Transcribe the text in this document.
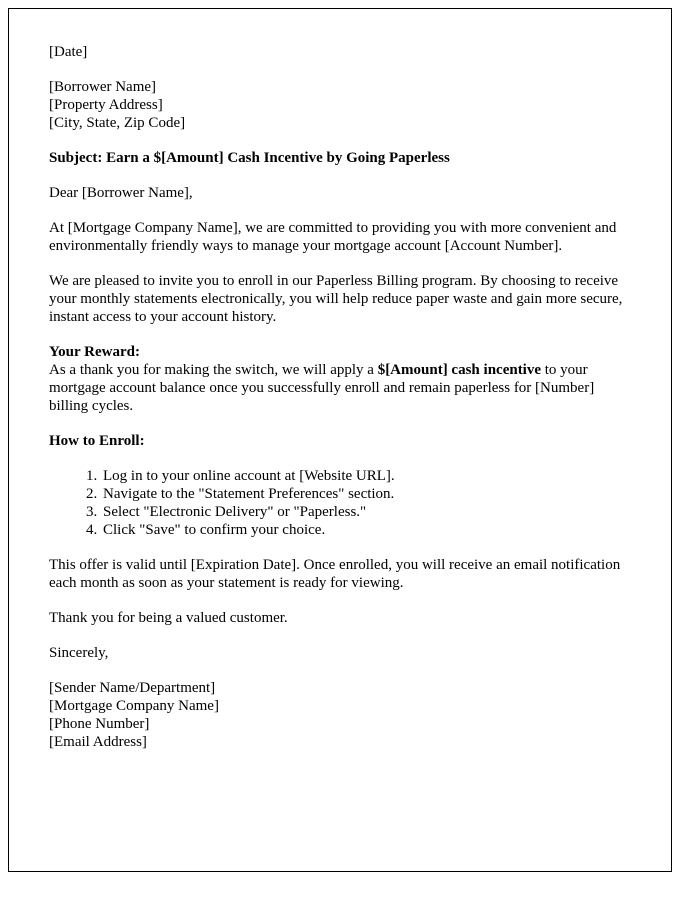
[Date]

[Borrower Name]
[Property Address]
[City, State, Zip Code]

Subject: Earn a $[Amount] Cash Incentive by Going Paperless

Dear [Borrower Name],

At [Mortgage Company Name], we are committed to providing you with more convenient and environmentally friendly ways to manage your mortgage account [Account Number].

We are pleased to invite you to enroll in our Paperless Billing program. By choosing to receive your monthly statements electronically, you will help reduce paper waste and gain more secure, instant access to your account history.

Your Reward:
As a thank you for making the switch, we will apply a $[Amount] cash incentive to your mortgage account balance once you successfully enroll and remain paperless for [Number] billing cycles.

How to Enroll:

1. Log in to your online account at [Website URL].
2. Navigate to the "Statement Preferences" section.
3. Select "Electronic Delivery" or "Paperless."
4. Click "Save" to confirm your choice.

This offer is valid until [Expiration Date]. Once enrolled, you will receive an email notification each month as soon as your statement is ready for viewing.

Thank you for being a valued customer.

Sincerely,

[Sender Name/Department]
[Mortgage Company Name]
[Phone Number]
[Email Address]
